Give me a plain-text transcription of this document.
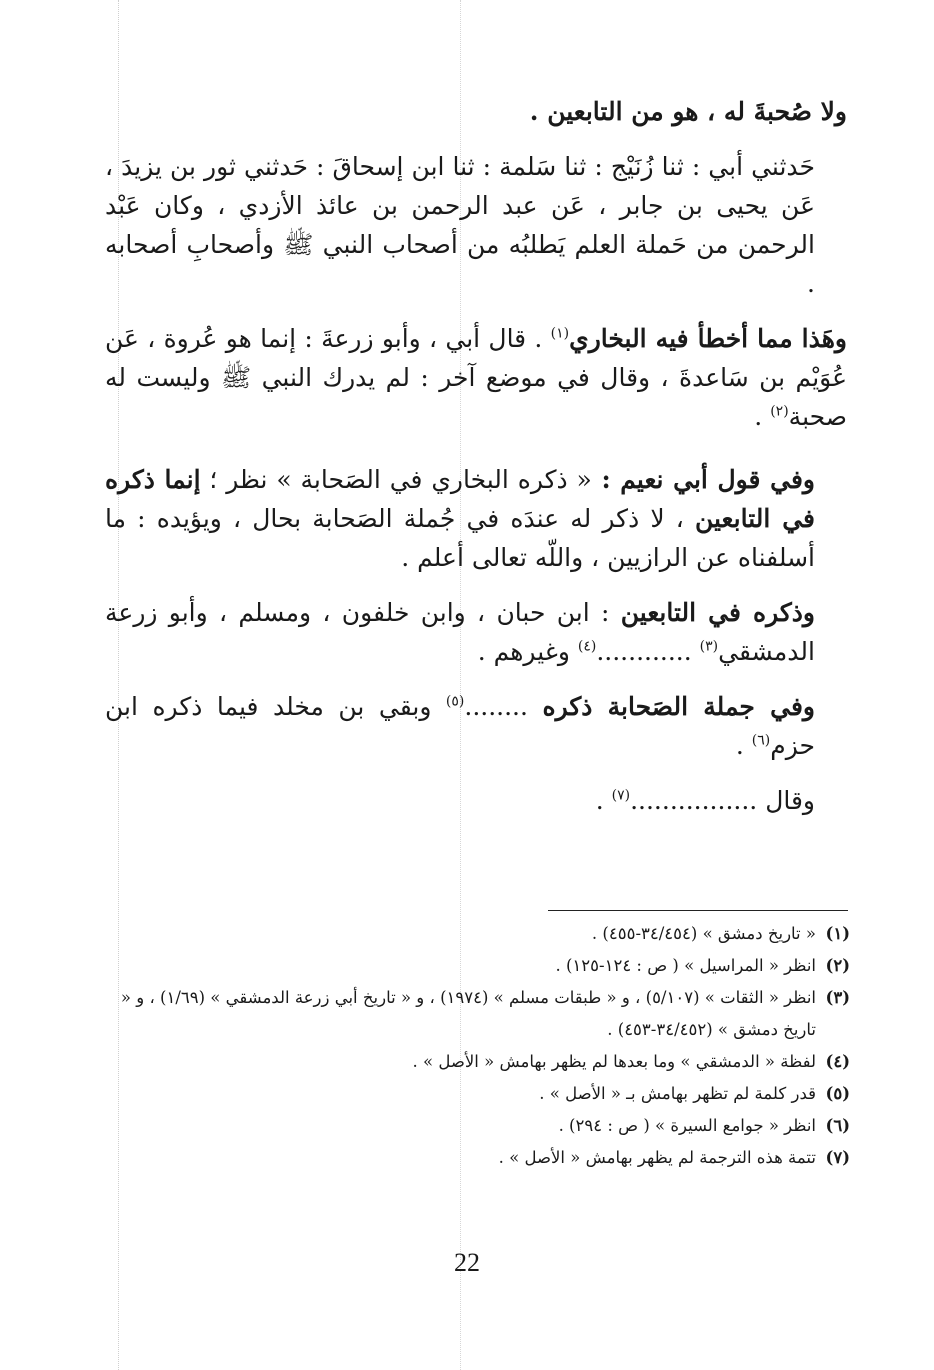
ولا صُحبةَ له ، هو من التابعين .

حَدثني أبي : ثنا زُنَيْج : ثنا سَلمة : ثنا ابن إسحاقَ : حَدثني ثور بن يزيدَ ، عَن يحيى بن جابر ، عَن عبد الرحمن بن عائذ الأزدي ، وكان عَبْد الرحمن من حَملة العلم يَطلبُه من أصحاب النبي ﷺ وأصحابِ أصحابه .

وهَذا مما أخطأ فيه البخاري$^{(١)}$ . قال أبي ، وأبو زرعةَ : إنما هو عُروة ، عَن عُوَيْم بن سَاعدةَ ، وقال في موضع آخر : لم يدرك النبي ﷺ وليست له صحبة$^{(٢)}$ .

وفي قول أبي نعيم : « ذكره البخاري في الصَحابة » نظر ؛ إنما ذكره في التابعين ، لا ذكر له عندَه في جُملة الصَحابة بحال ، ويؤيده : ما أسلفناه عن الرازيين ، واللّه تعالى أعلم .

وذكره في التابعين : ابن حبان ، وابن خلفون ، ومسلم ، وأبو زرعة الدمشقي$^{(٣)}$ ............$^{(٤)}$ وغيرهم .

وفي جملة الصَحابة ذكره ........$^{(٥)}$ وبقي بن مخلد فيما ذكره ابن حزم$^{(٦)}$ .

وقال ................$^{(٧)}$ .

(١)
« تاريخ دمشق » (٣٤/٤٥٤-٤٥٥) .
(٢)
انظر « المراسيل » ( ص : ١٢٤-١٢٥) .
(٣)
انظر « الثقات » (٥/١٠٧) ، و « طبقات مسلم » (١٩٧٤) ، و « تاريخ أبي زرعة الدمشقي » (١/٦٩) ، و « تاريخ دمشق » (٣٤/٤٥٢-٤٥٣) .
(٤)
لفظة « الدمشقي » وما بعدها لم يظهر بهامش « الأصل » .
(٥)
قدر كلمة لم تظهر بهامش بـ « الأصل » .
(٦)
انظر « جوامع السيرة » ( ص : ٢٩٤) .
(٧)
تتمة هذه الترجمة لم يظهر بهامش « الأصل » .
22
